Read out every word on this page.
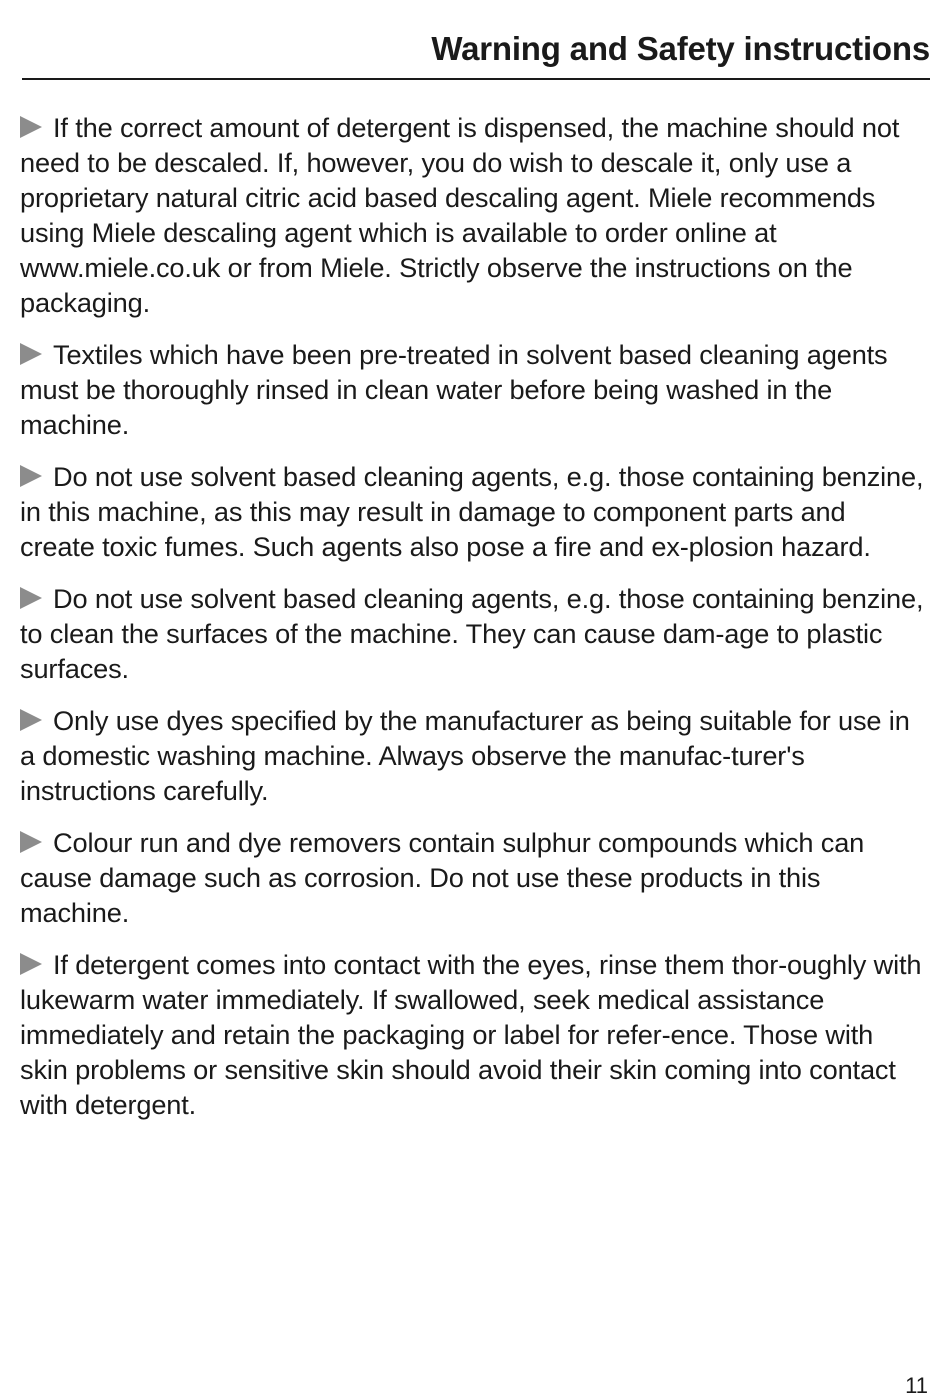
Warning and Safety instructions

If the correct amount of detergent is dispensed, the machine should not need to be descaled. If, however, you do wish to descale it, only use a proprietary natural citric acid based descaling agent. Miele recommends using Miele descaling agent which is available to order online at www.miele.co.uk or from Miele. Strictly observe the instructions on the packaging.

Textiles which have been pre-treated in solvent based cleaning agents must be thoroughly rinsed in clean water before being washed in the machine.

Do not use solvent based cleaning agents, e.g. those containing benzine, in this machine, as this may result in damage to component parts and create toxic fumes. Such agents also pose a fire and ex-plosion hazard.

Do not use solvent based cleaning agents, e.g. those containing benzine, to clean the surfaces of the machine. They can cause dam-age to plastic surfaces.

Only use dyes specified by the manufacturer as being suitable for use in a domestic washing machine. Always observe the manufac-turer's instructions carefully.

Colour run and dye removers contain sulphur compounds which can cause damage such as corrosion. Do not use these products in this machine.

If detergent comes into contact with the eyes, rinse them thor-oughly with lukewarm water immediately. If swallowed, seek medical assistance immediately and retain the packaging or label for refer-ence. Those with skin problems or sensitive skin should avoid their skin coming into contact with detergent.

11
